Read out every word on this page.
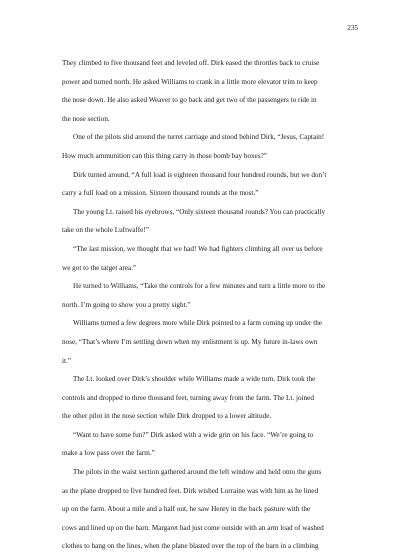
235

They climbed to five thousand feet and leveled off. Dirk eased the throttles back to cruise
power and turned north. He asked Williams to crank in a little more elevator trim to keep
the nose down. He also asked Weaver to go back and get two of the passengers to ride in
the nose section.

One of the pilots slid around the turret carriage and stood behind Dirk, “Jesus, Captain!
How much ammunition can this thing carry in those bomb bay boxes?”

Dirk turned around, “A full load is eighteen thousand four hundred rounds, but we don’t
carry a full load on a mission. Sixteen thousand rounds at the most.”

The young Lt. raised his eyebrows, “Only sixteen thousand rounds? You can practically
take on the whole Luftwaffe!”

“The last mission, we thought that we had! We had fighters climbing all over us before
we got to the target area.”

He turned to Williams, “Take the controls for a few minutes and turn a little more to the
north. I’m going to show you a pretty sight.”

Williams turned a few degrees more while Dirk pointed to a farm coming up under the
nose, “That’s where I’m settling down when my enlistment is up. My future in-laws own
it.”

The Lt. looked over Dirk’s shoulder while Williams made a wide turn. Dirk took the
controls and dropped to three thousand feet, turning away from the farm. The Lt. joined
the other pilot in the nose section while Dirk dropped to a lower altitude.

“Want to have some fun?” Dirk asked with a wide grin on his face. “We’re going to
make a low pass over the farm.”

The pilots in the waist section gathered around the left window and held onto the guns
as the plane dropped to five hundred feet. Dirk wished Lorraine was with him as he lined
up on the farm. About a mile and a half out, he saw Henry in the back pasture with the
cows and lined up on the barn. Margaret had just come outside with an arm load of washed
clothes to hang on the lines, when the plane blasted over the top of the barn in a climbing
